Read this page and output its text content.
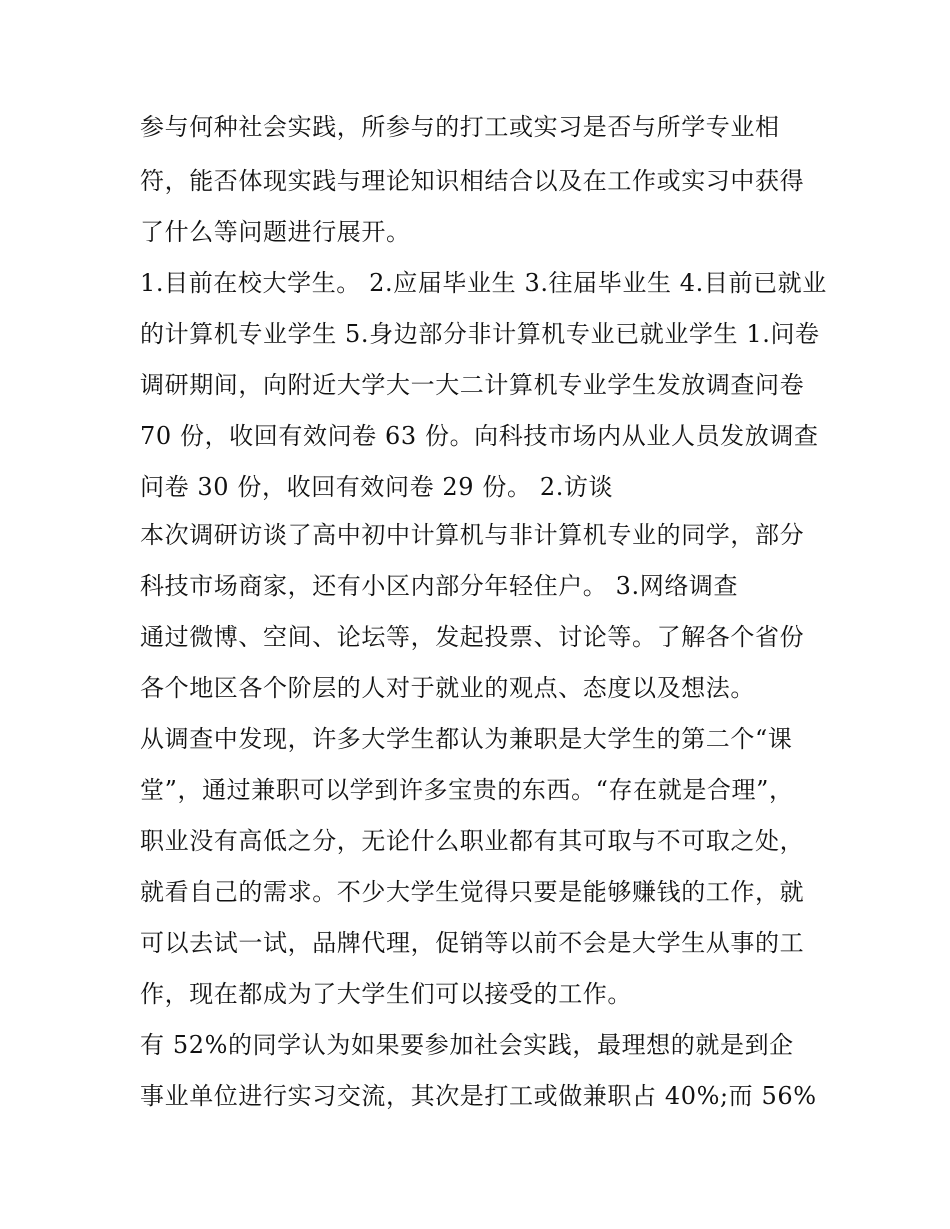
参与何种社会实践，所参与的打工或实习是否与所学专业相
符，能否体现实践与理论知识相结合以及在工作或实习中获得
了什么等问题进行展开。
1.目前在校大学生。 2.应届毕业生 3.往届毕业生 4.目前已就业
的计算机专业学生 5.身边部分非计算机专业已就业学生 1.问卷
调研期间，向附近大学大一大二计算机专业学生发放调查问卷
70 份，收回有效问卷 63 份。向科技市场内从业人员发放调查
问卷 30 份，收回有效问卷 29 份。 2.访谈
本次调研访谈了高中初中计算机与非计算机专业的同学，部分
科技市场商家，还有小区内部分年轻住户。 3.网络调查
通过微博、空间、论坛等，发起投票、讨论等。了解各个省份
各个地区各个阶层的人对于就业的观点、态度以及想法。
从调查中发现，许多大学生都认为兼职是大学生的第二个“课
堂”，通过兼职可以学到许多宝贵的东西。“存在就是合理”，
职业没有高低之分，无论什么职业都有其可取与不可取之处，
就看自己的需求。不少大学生觉得只要是能够赚钱的工作，就
可以去试一试，品牌代理，促销等以前不会是大学生从事的工
作，现在都成为了大学生们可以接受的工作。
有 52%的同学认为如果要参加社会实践，最理想的就是到企
事业单位进行实习交流，其次是打工或做兼职占 40%;而 56%
